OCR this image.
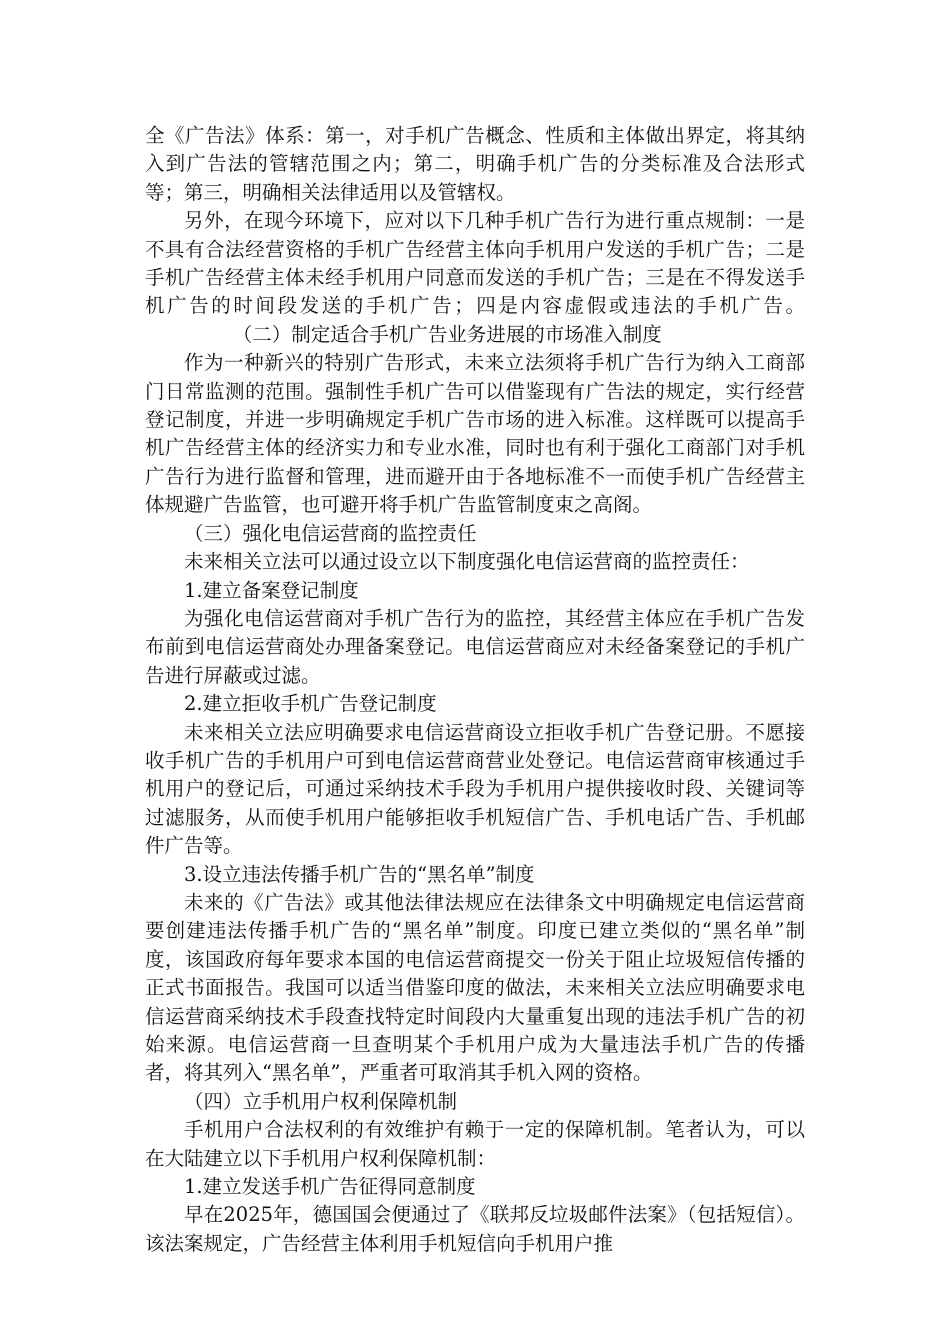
全《广告法》体系：第一，对手机广告概念、性质和主体做出界定，将其纳入到广告法的管辖范围之内；第二，明确手机广告的分类标准及合法形式等；第三，明确相关法律适用以及管辖权。

另外，在现今环境下，应对以下几种手机广告行为进行重点规制：一是不具有合法经营资格的手机广告经营主体向手机用户发送的手机广告；二是手机广告经营主体未经手机用户同意而发送的手机广告；三是在不得发送手机广告的时间段发送的手机广告；四是内容虚假或违法的手机广告。（二）制定适合手机广告业务进展的市场准入制度

作为一种新兴的特别广告形式，未来立法须将手机广告行为纳入工商部门日常监测的范围。强制性手机广告可以借鉴现有广告法的规定，实行经营登记制度，并进一步明确规定手机广告市场的进入标准。这样既可以提高手机广告经营主体的经济实力和专业水准，同时也有利于强化工商部门对手机广告行为进行监督和管理，进而避开由于各地标准不一而使手机广告经营主体规避广告监管，也可避开将手机广告监管制度束之高阁。

（三）强化电信运营商的监控责任

未来相关立法可以通过设立以下制度强化电信运营商的监控责任：

1.建立备案登记制度

为强化电信运营商对手机广告行为的监控，其经营主体应在手机广告发布前到电信运营商处办理备案登记。电信运营商应对未经备案登记的手机广告进行屏蔽或过滤。

2.建立拒收手机广告登记制度

未来相关立法应明确要求电信运营商设立拒收手机广告登记册。不愿接收手机广告的手机用户可到电信运营商营业处登记。电信运营商审核通过手机用户的登记后，可通过采纳技术手段为手机用户提供接收时段、关键词等过滤服务，从而使手机用户能够拒收手机短信广告、手机电话广告、手机邮件广告等。

3.设立违法传播手机广告的“黑名单”制度

未来的《广告法》或其他法律法规应在法律条文中明确规定电信运营商要创建违法传播手机广告的“黑名单”制度。印度已建立类似的“黑名单”制度，该国政府每年要求本国的电信运营商提交一份关于阻止垃圾短信传播的正式书面报告。我国可以适当借鉴印度的做法，未来相关立法应明确要求电信运营商采纳技术手段查找特定时间段内大量重复出现的违法手机广告的初始来源。电信运营商一旦查明某个手机用户成为大量违法手机广告的传播者，将其列入“黑名单”，严重者可取消其手机入网的资格。

（四）立手机用户权利保障机制

手机用户合法权利的有效维护有赖于一定的保障机制。笔者认为，可以在大陆建立以下手机用户权利保障机制：

1.建立发送手机广告征得同意制度

早在2025年，德国国会便通过了《联邦反垃圾邮件法案》（包括短信）。该法案规定，广告经营主体利用手机短信向手机用户推
